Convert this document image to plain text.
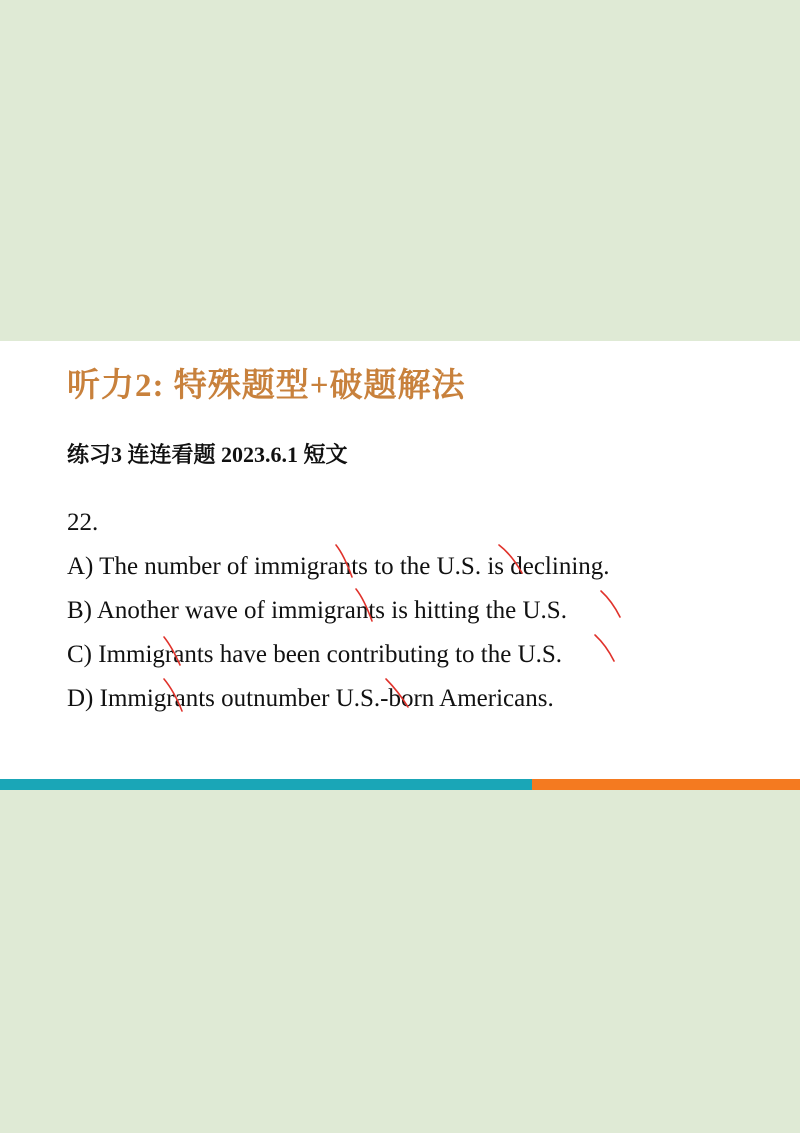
听力2: 特殊题型+破题解法
练习3 连连看题 2023.6.1 短文
22.
A) The number of immigrants to the U.S. is declining.
B) Another wave of immigrants is hitting the U.S.
C) Immigrants have been contributing to the U.S.
D) Immigrants outnumber U.S.-born Americans.
